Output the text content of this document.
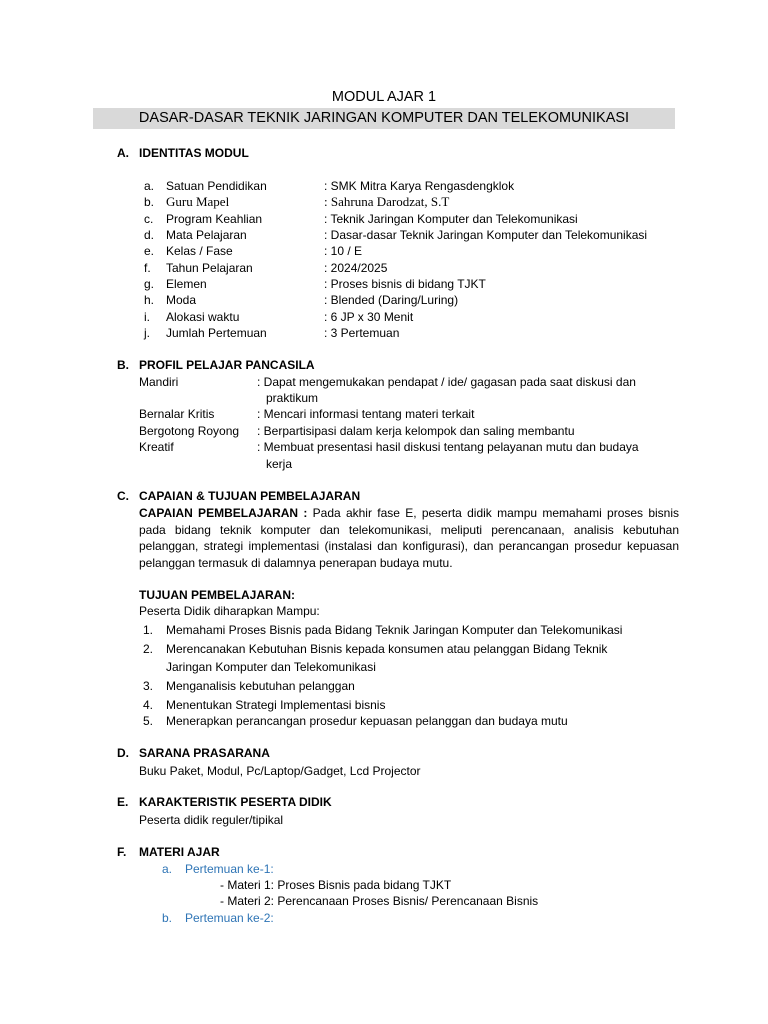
MODUL AJAR 1
DASAR-DASAR TEKNIK JARINGAN KOMPUTER DAN TELEKOMUNIKASI
A. IDENTITAS MODUL
a. Satuan Pendidikan	: SMK Mitra Karya Rengasdengklok
b. Guru Mapel	: Sahruna Darodzat, S.T
c. Program Keahlian	: Teknik Jaringan Komputer dan Telekomunikasi
d. Mata Pelajaran	: Dasar-dasar Teknik Jaringan Komputer dan Telekomunikasi
e. Kelas / Fase	: 10 / E
f. Tahun Pelajaran	: 2024/2025
g. Elemen	: Proses bisnis di bidang TJKT
h. Moda	: Blended (Daring/Luring)
i. Alokasi waktu	: 6 JP x 30 Menit
j. Jumlah Pertemuan	: 3 Pertemuan
B. PROFIL PELAJAR PANCASILA
Mandiri	: Dapat mengemukakan pendapat / ide/ gagasan pada saat diskusi dan
praktikum
Bernalar Kritis	: Mencari informasi tentang materi terkait
Bergotong Royong : Berpartisipasi dalam kerja kelompok dan saling membantu
Kreatif	: Membuat presentasi hasil diskusi tentang pelayanan mutu dan budaya
kerja
C. CAPAIAN & TUJUAN PEMBELAJARAN
CAPAIAN PEMBELAJARAN : Pada akhir fase E, peserta didik mampu memahami proses bisnis pada bidang teknik komputer dan telekomunikasi, meliputi perencanaan, analisis kebutuhan pelanggan, strategi implementasi (instalasi dan konfigurasi), dan perancangan prosedur kepuasan pelanggan termasuk di dalamnya penerapan budaya mutu.
TUJUAN PEMBELAJARAN:
Peserta Didik diharapkan Mampu:
1. Memahami Proses Bisnis pada Bidang Teknik Jaringan Komputer dan Telekomunikasi
2. Merencanakan Kebutuhan Bisnis kepada konsumen atau pelanggan Bidang Teknik
Jaringan Komputer dan Telekomunikasi
3. Menganalisis kebutuhan pelanggan
4. Menentukan Strategi Implementasi bisnis
5. Menerapkan perancangan prosedur kepuasan pelanggan dan budaya mutu
D. SARANA PRASARANA
Buku Paket, Modul, Pc/Laptop/Gadget, Lcd Projector
E. KARAKTERISTIK PESERTA DIDIK
Peserta didik reguler/tipikal
F. MATERI AJAR
a. Pertemuan ke-1:
- Materi 1: Proses Bisnis pada bidang TJKT
- Materi 2: Perencanaan Proses Bisnis/ Perencanaan Bisnis
b. Pertemuan ke-2:
